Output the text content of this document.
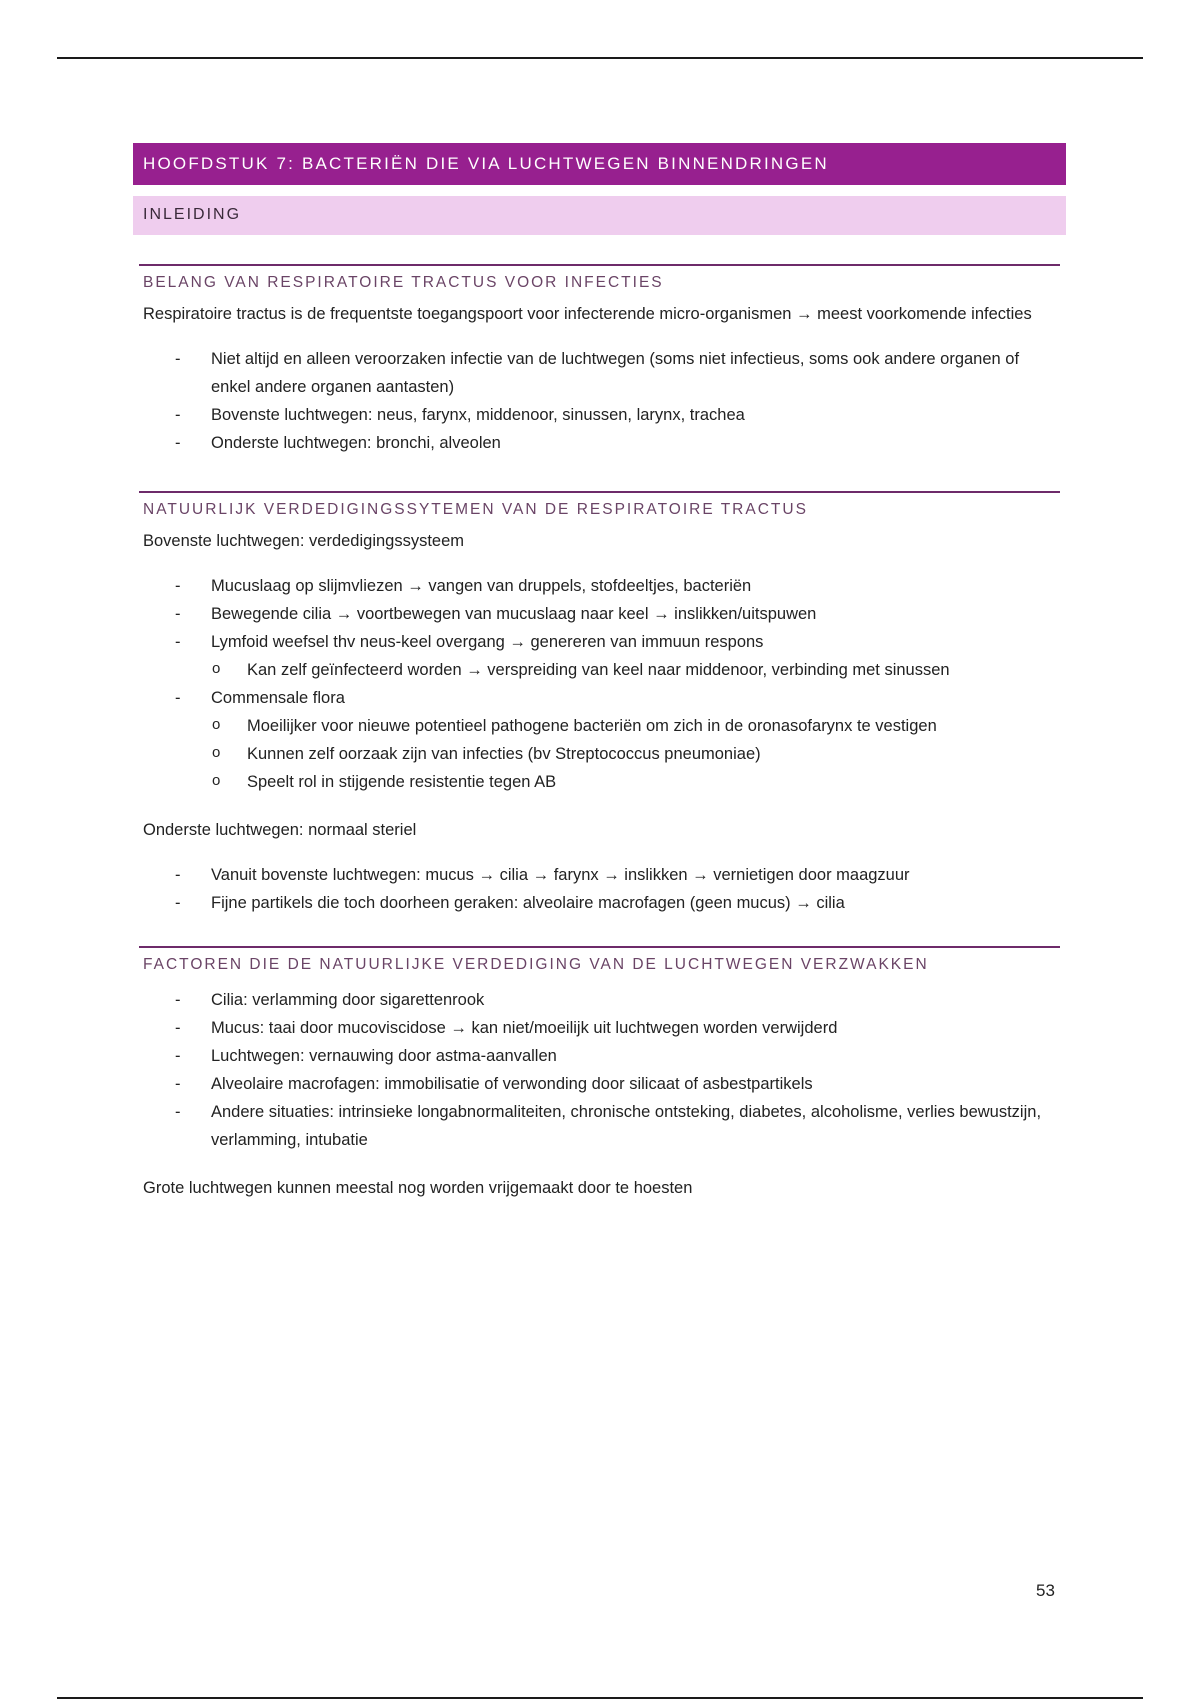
HOOFDSTUK 7: BACTERIËN DIE VIA LUCHTWEGEN BINNENDRINGEN
INLEIDING
BELANG VAN RESPIRATOIRE TRACTUS VOOR INFECTIES

Respiratoire tractus is de frequentste toegangspoort voor infecterende micro-organismen → meest voorkomende infecties

- Niet altijd en alleen veroorzaken infectie van de luchtwegen (soms niet infectieus, soms ook andere organen of enkel andere organen aantasten)
- Bovenste luchtwegen: neus, farynx, middenoor, sinussen, larynx, trachea
- Onderste luchtwegen: bronchi, alveolen
NATUURLIJK VERDEDIGINGSSYTEMEN VAN DE RESPIRATOIRE TRACTUS

Bovenste luchtwegen: verdedigingssysteem

- Mucuslaag op slijmvliezen → vangen van druppels, stofdeeltjes, bacteriën
- Bewegende cilia → voortbewegen van mucuslaag naar keel → inslikken/uitspuwen
- Lymfoid weefsel thv neus-keel overgang → genereren van immuun respons
o Kan zelf geïnfecteerd worden → verspreiding van keel naar middenoor, verbinding met sinussen
- Commensale flora
o Moeilijker voor nieuwe potentieel pathogene bacteriën om zich in de oronasofarynx te vestigen
o Kunnen zelf oorzaak zijn van infecties (bv Streptococcus pneumoniae)
o Speelt rol in stijgende resistentie tegen AB

Onderste luchtwegen: normaal steriel

- Vanuit bovenste luchtwegen: mucus → cilia → farynx → inslikken → vernietigen door maagzuur
- Fijne partikels die toch doorheen geraken: alveolaire macrofagen (geen mucus) → cilia
FACTOREN DIE DE NATUURLIJKE VERDEDIGING VAN DE LUCHTWEGEN VERZWAKKEN
- Cilia: verlamming door sigarettenrook
- Mucus: taai door mucoviscidose → kan niet/moeilijk uit luchtwegen worden verwijderd
- Luchtwegen: vernauwing door astma-aanvallen
- Alveolaire macrofagen: immobilisatie of verwonding door silicaat of asbestpartikels
- Andere situaties: intrinsieke longabnormaliteiten, chronische ontsteking, diabetes, alcoholisme, verlies bewustzijn, verlamming, intubatie

Grote luchtwegen kunnen meestal nog worden vrijgemaakt door te hoesten

53
